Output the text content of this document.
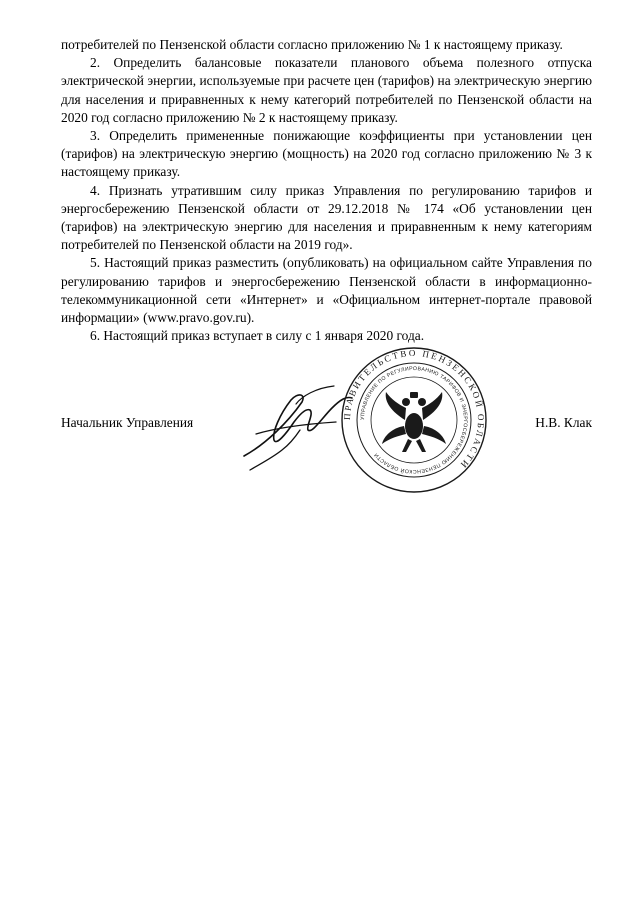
потребителей по Пензенской области согласно приложению № 1 к настоящему приказу.

2. Определить балансовые показатели планового объема полезного отпуска электрической энергии, используемые при расчете цен (тарифов) на электрическую энергию для населения и приравненных к нему категорий потребителей по Пензенской области на 2020 год согласно приложению № 2 к настоящему приказу.

3. Определить примененные понижающие коэффициенты при установлении цен (тарифов) на электрическую энергию (мощность) на 2020 год согласно приложению № 3 к настоящему приказу.

4. Признать утратившим силу приказ Управления по регулированию тарифов и энергосбережению Пензенской области от 29.12.2018 № 174 «Об установлении цен (тарифов) на электрическую энергию для населения и приравненным к нему категориям потребителей по Пензенской области на 2019 год».

5. Настоящий приказ разместить (опубликовать) на официальном сайте Управления по регулированию тарифов и энергосбережению Пензенской области в информационно-телекоммуникационной сети «Интернет» и «Официальном интернет-портале правовой информации» (www.pravo.gov.ru).

6. Настоящий приказ вступает в силу с 1 января 2020 года.

Начальник Управления	Н.В. Клак
ПРАВИТЕЛЬСТВО ПЕНЗЕНСКОЙ ОБЛАСТИ
УПРАВЛЕНИЕ ПО РЕГУЛИРОВАНИЮ ТАРИФОВ И ЭНЕРГОСБЕРЕЖЕНИЮ ПЕНЗЕНСКОЙ ОБЛАСТИ
